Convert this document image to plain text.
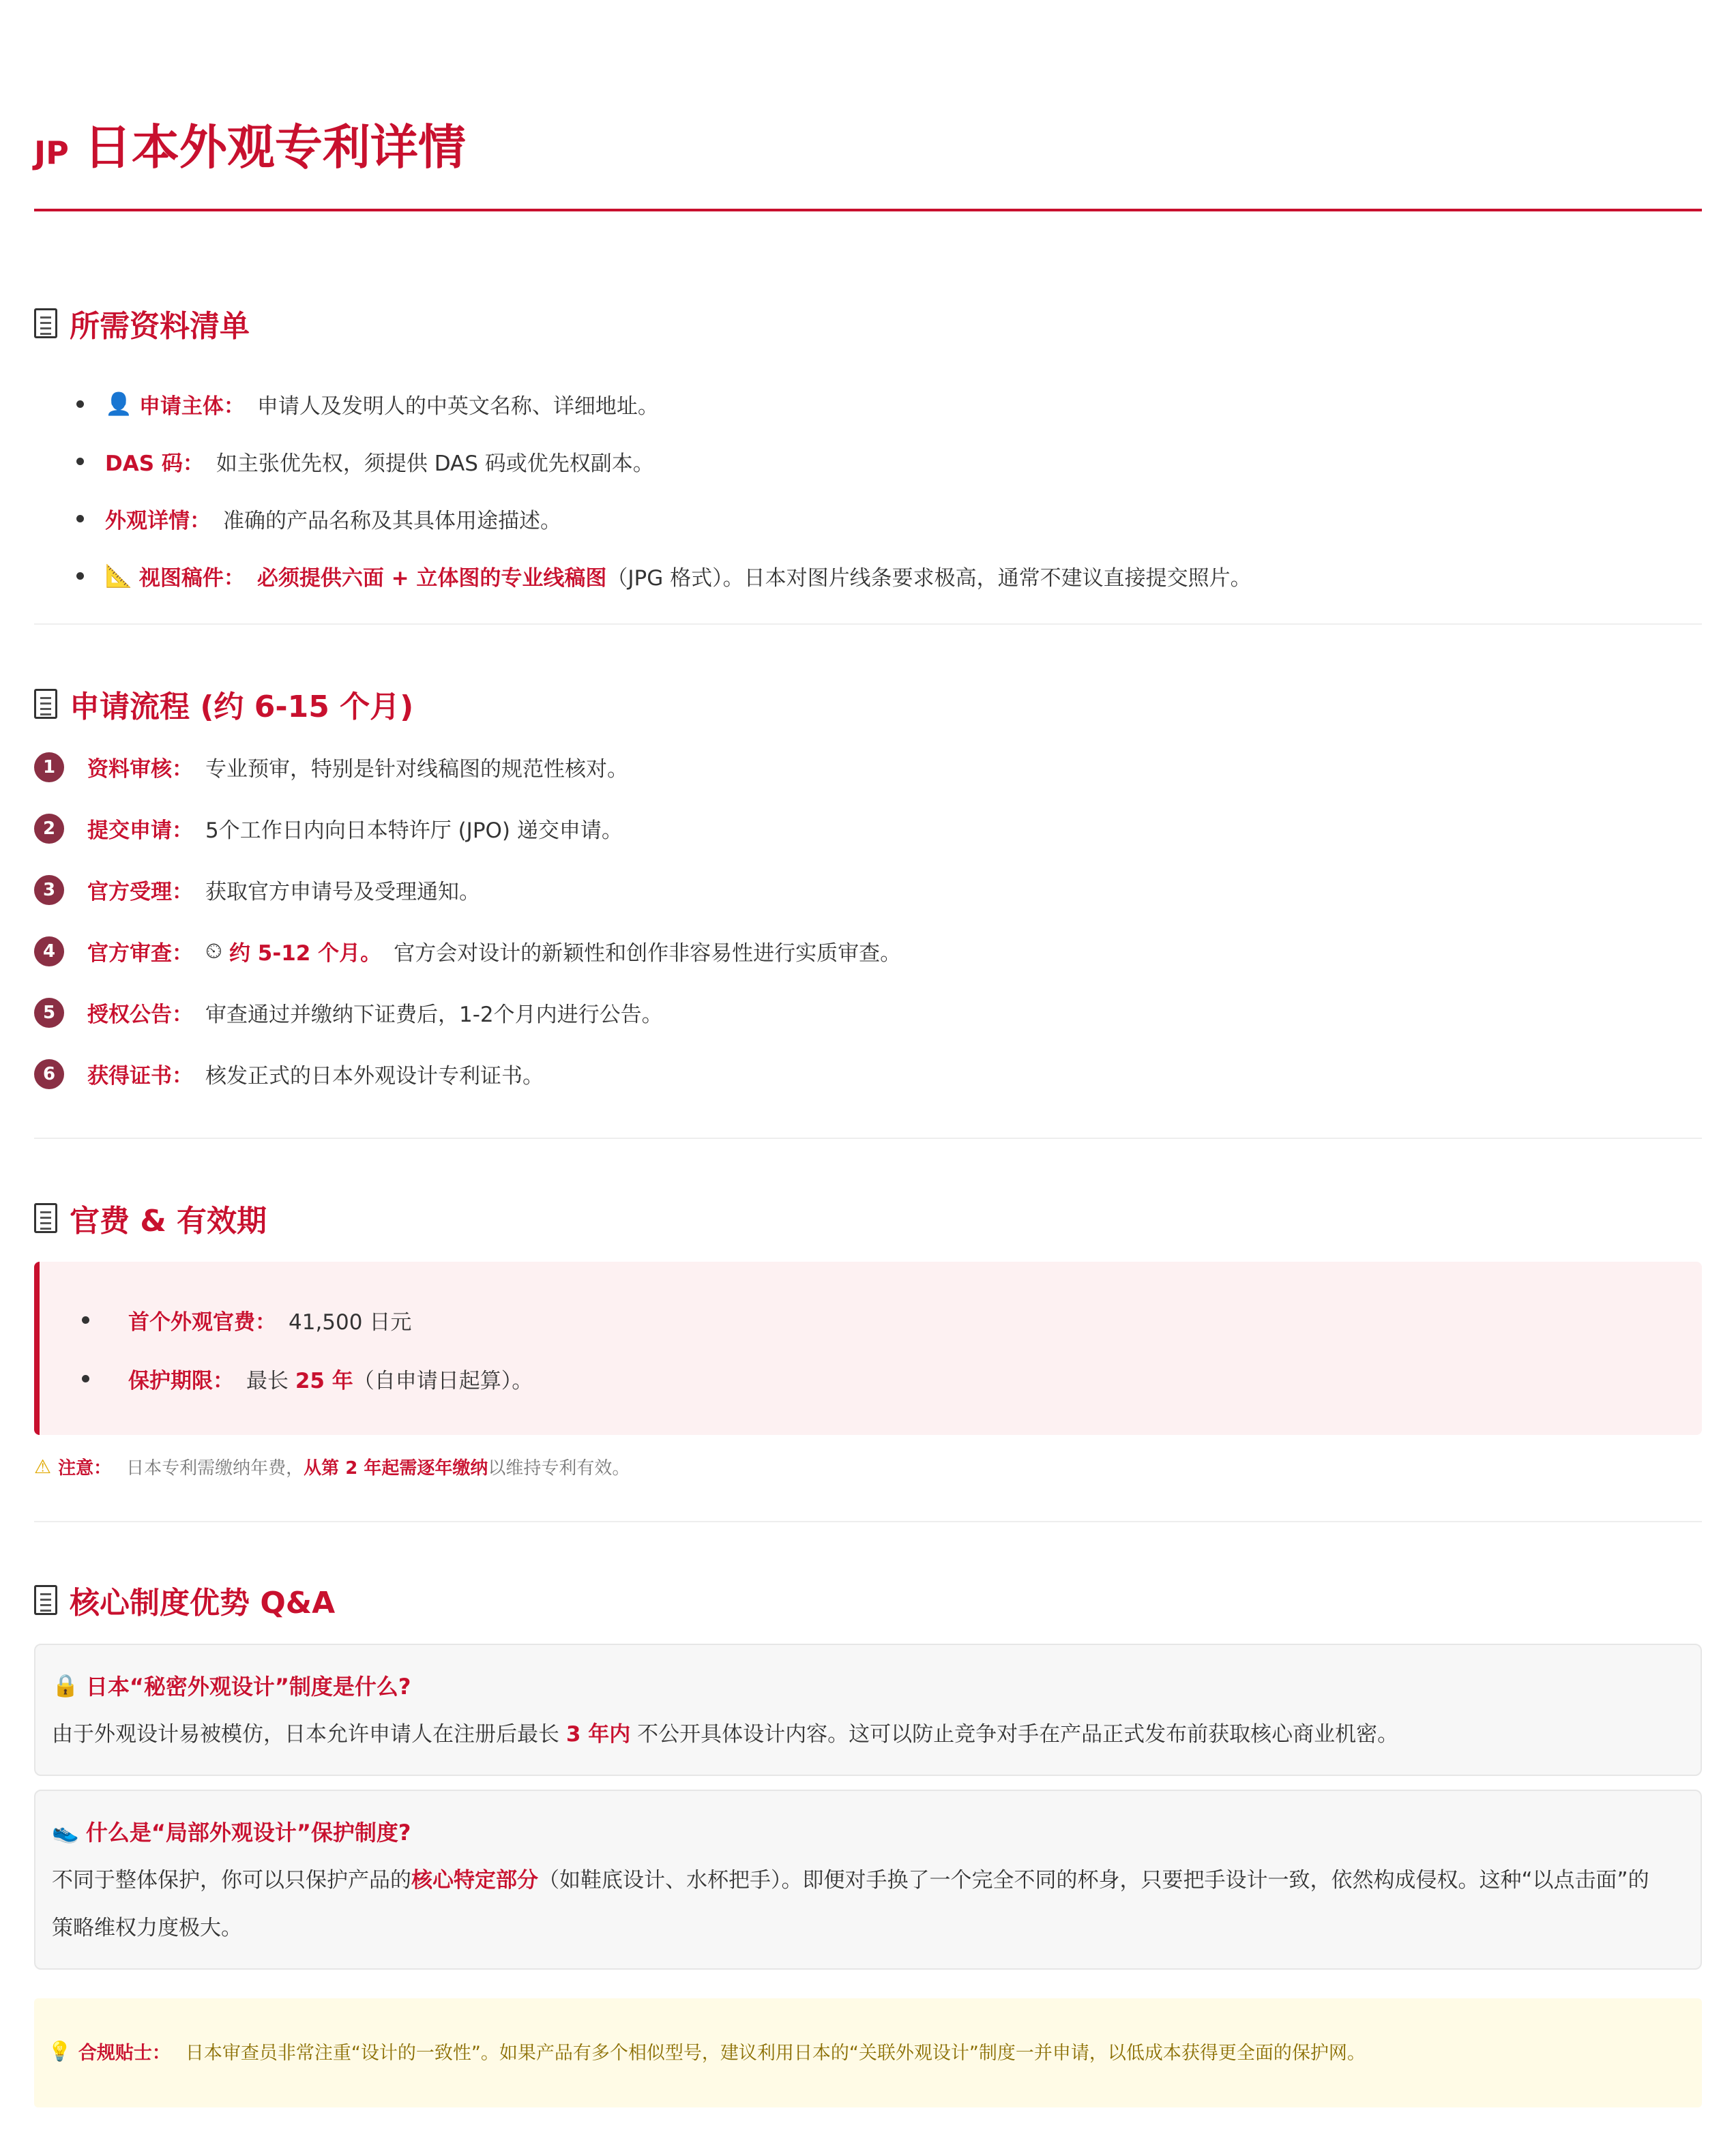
JP 日本外观专利详情
所需资料清单
👤 申请主体： 申请人及发明人的中英文名称、详细地址。
DAS 码： 如主张优先权，须提供 DAS 码或优先权副本。
外观详情： 准确的产品名称及其具体用途描述。
📐 视图稿件： 必须提供六面 + 立体图的专业线稿图 （JPG 格式）。日本对图片线条要求极高，通常不建议直接提交照片。
申请流程 (约 6-15 个月)
1	资料审核： 专业预审，特别是针对线稿图的规范性核对。
2	提交申请： 5个工作日内向日本特许厅 (JPO) 递交申请。
3	官方受理： 获取官方申请号及受理通知。
4	官方审查： ⏲ 约 5-12 个月。 官方会对设计的新颖性和创作非容易性进行实质审查。
5	授权公告： 审查通过并缴纳下证费后，1-2个月内进行公告。
6	获得证书： 核发正式的日本外观设计专利证书。
官费 & 有效期
首个外观官费： 41,500 日元
保护期限： 最长 25 年 （自申请日起算）。
⚠ 注意： 日本专利需缴纳年费， 从第 2 年起需逐年缴纳 以维持专利有效。
核心制度优势 Q&A
🔒 日本“秘密外观设计”制度是什么?
由于外观设计易被模仿，日本允许申请人在注册后最长 3 年内 不公开具体设计内容。这可以防止竞争对手在产品正式发布前获取核心商业机密。
👟 什么是“局部外观设计”保护制度?
不同于整体保护，你可以只保护产品的核心特定部分（如鞋底设计、水杯把手）。即便对手换了一个完全不同的杯身，只要把手设计一致，依然构成侵权。这种“以点击面”的策略维权力度极大。
💡 合规贴士： 日本审查员非常注重“设计的一致性”。如果产品有多个相似型号，建议利用日本的“关联外观设计”制度一并申请，以低成本获得更全面的保护网。
